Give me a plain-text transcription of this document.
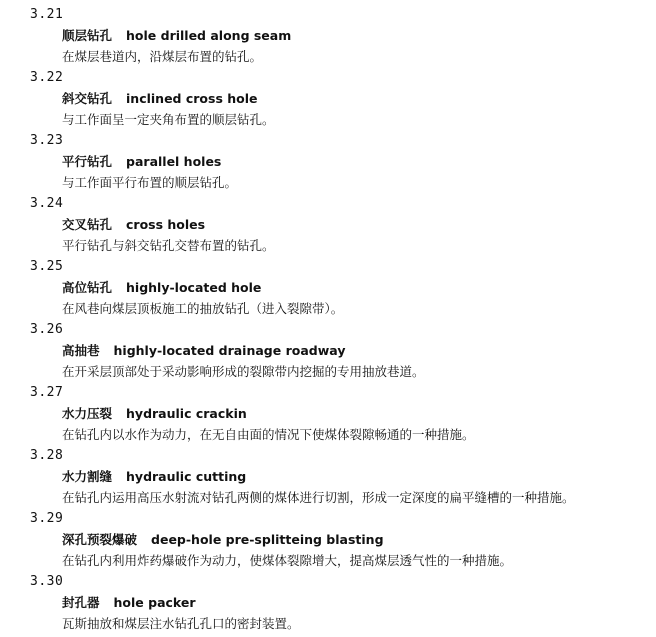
3.21
顺层钻孔 hole drilled along seam
在煤层巷道内，沿煤层布置的钻孔。
3.22
斜交钻孔 inclined cross hole
与工作面呈一定夹角布置的顺层钻孔。
3.23
平行钻孔 parallel holes
与工作面平行布置的顺层钻孔。
3.24
交叉钻孔 cross holes
平行钻孔与斜交钻孔交替布置的钻孔。
3.25
高位钻孔 highly-located hole
在风巷向煤层顶板施工的抽放钻孔（进入裂隙带）。
3.26
高抽巷 highly-located drainage roadway
在开采层顶部处于采动影响形成的裂隙带内挖掘的专用抽放巷道。
3.27
水力压裂 hydraulic crackin
在钻孔内以水作为动力，在无自由面的情况下使煤体裂隙畅通的一种措施。
3.28
水力割缝 hydraulic cutting
在钻孔内运用高压水射流对钻孔两侧的煤体进行切割，形成一定深度的扁平缝槽的一种措施。
3.29
深孔预裂爆破 deep-hole pre-splitteing blasting
在钻孔内利用炸药爆破作为动力，使煤体裂隙增大，提高煤层透气性的一种措施。
3.30
封孔器 hole packer
瓦斯抽放和煤层注水钻孔孔口的密封装置。
